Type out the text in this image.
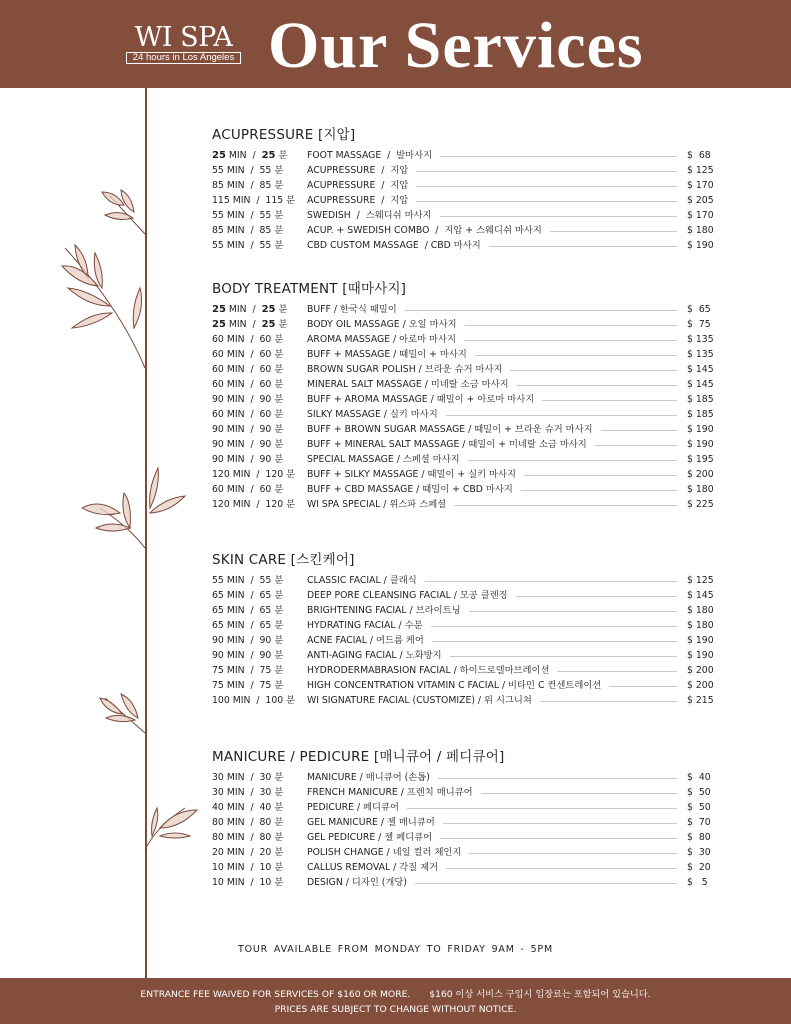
WI SPA
24 hours in Los Angeles Our Services
ACUPRESSURE [지압]
25 MIN / 25 분	FOOT MASSAGE  /  발마사지	$  68
55 MIN / 55 분	ACUPRESSURE  /  지압	$ 125
85 MIN / 85 분	ACUPRESSURE  /  지압	$ 170
115 MIN / 115 분	ACUPRESSURE  /  지압	$ 205
55 MIN / 55 분	SWEDISH  /  스웨디쉬 마사지	$ 170
85 MIN / 85 분	ACUP. + SWEDISH COMBO  /  지압 + 스웨디쉬 마사지	$ 180
55 MIN / 55 분	CBD CUSTOM MASSAGE  / CBD 마사지	$ 190
BODY TREATMENT [때마사지]
25 MIN / 25 분	BUFF / 한국식 때밀이	$  65
25 MIN / 25 분	BODY OIL MASSAGE / 오일 마사지	$  75
60 MIN / 60 분	AROMA MASSAGE / 아로마 마사지	$ 135
60 MIN / 60 분	BUFF + MASSAGE / 때밀이 + 마사지	$ 135
60 MIN / 60 분	BROWN SUGAR POLISH / 브라운 슈거 마사지	$ 145
60 MIN / 60 분	MINERAL SALT MASSAGE / 미네랄 소금 마사지	$ 145
90 MIN / 90 분	BUFF + AROMA MASSAGE / 때밀이 + 아로마 마사지	$ 185
60 MIN / 60 분	SILKY MASSAGE / 실키 마사지	$ 185
90 MIN / 90 분	BUFF + BROWN SUGAR MASSAGE / 때밀이 + 브라운 슈거 마사지	$ 190
90 MIN / 90 분	BUFF + MINERAL SALT MASSAGE / 때밀이 + 미네랄 소금 마사지	$ 190
90 MIN / 90 분	SPECIAL MASSAGE / 스페셜 마사지	$ 195
120 MIN / 120 분	BUFF + SILKY MASSAGE / 때밀이 + 실키 마사지	$ 200
60 MIN / 60 분	BUFF + CBD MASSAGE / 때밀이 + CBD 마사지	$ 180
120 MIN / 120 분	WI SPA SPECIAL / 위스파 스페셜	$ 225
SKIN CARE [스킨케어]
55 MIN / 55 분	CLASSIC FACIAL / 클래식	$ 125
65 MIN / 65 분	DEEP PORE CLEANSING FACIAL / 모공 클렌징	$ 145
65 MIN / 65 분	BRIGHTENING FACIAL / 브라이트닝	$ 180
65 MIN / 65 분	HYDRATING FACIAL / 수분	$ 180
90 MIN / 90 분	ACNE FACIAL / 여드름 케어	$ 190
90 MIN / 90 분	ANTI-AGING FACIAL / 노화방지	$ 190
75 MIN / 75 분	HYDRODERMABRASION FACIAL / 하이드로델마브레이션	$ 200
75 MIN / 75 분	HIGH CONCENTRATION VITAMIN C FACIAL / 비타민 C 컨센트레이션	$ 200
100 MIN / 100 분	WI SIGNATURE FACIAL (CUSTOMIZE) / 위 시그니쳐	$ 215
MANICURE / PEDICURE [매니큐어 / 페디큐어]
30 MIN / 30 분	MANICURE / 매니큐어 (손톱)	$  40
30 MIN / 30 분	FRENCH MANICURE / 프렌치 매니큐어	$  50
40 MIN / 40 분	PEDICURE / 페디큐어	$  50
80 MIN / 80 분	GEL MANICURE / 젤 매니큐어	$  70
80 MIN / 80 분	GEL PEDICURE / 젤 페디큐어	$  80
20 MIN / 20 분	POLISH CHANGE / 네일 컬러 체인지	$  30
10 MIN / 10 분	CALLUS REMOVAL / 각질 제거	$  20
10 MIN / 10 분	DESIGN / 디자인 (개당)	$   5
TOUR AVAILABLE FROM MONDAY TO FRIDAY 9AM - 5PM
ENTRANCE FEE WAIVED FOR SERVICES OF $160 OR MORE. $160 이상 서비스 구입시 입장료는 포함되어 있습니다.
PRICES ARE SUBJECT TO CHANGE WITHOUT NOTICE.
